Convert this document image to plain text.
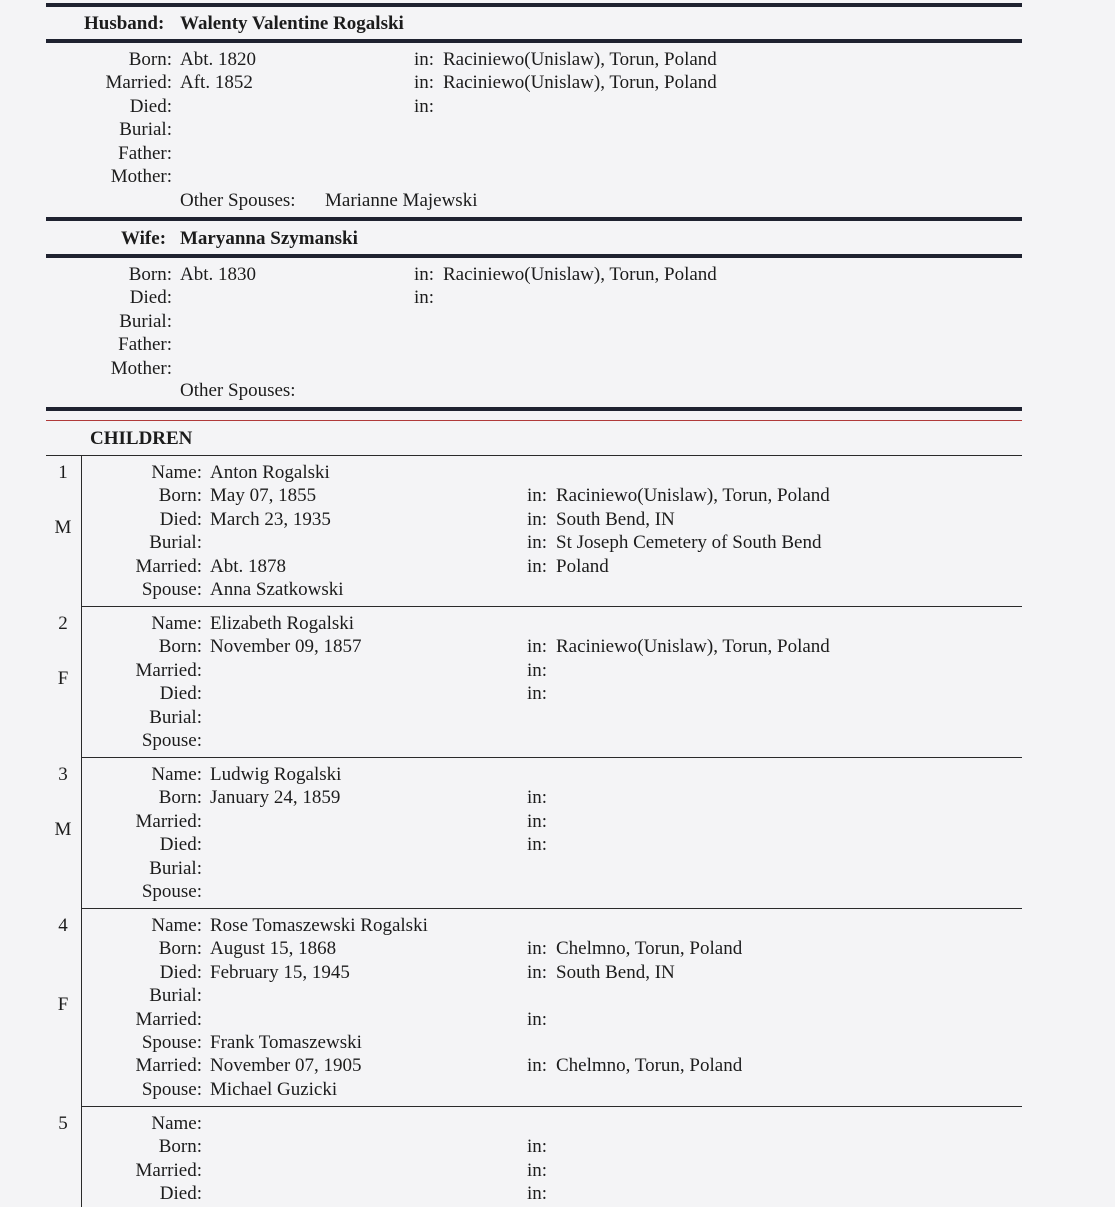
Husband: Walenty Valentine Rogalski
Born: Abt. 1820	in: Raciniewo(Unislaw), Torun, Poland
Married: Aft. 1852	in: Raciniewo(Unislaw), Torun, Poland
Died:	in:
Burial:
Father:
Mother:
Other Spouses: Marianne Majewski
Wife: Maryanna Szymanski
Born: Abt. 1830	in: Raciniewo(Unislaw), Torun, Poland
Died:	in:
Burial:
Father:
Mother:
Other Spouses:
CHILDREN
1
M
Name: Anton Rogalski
Born: May 07, 1855	in: Raciniewo(Unislaw), Torun, Poland
Died: March 23, 1935	in: South Bend, IN
Burial:	in: St Joseph Cemetery of South Bend
Married: Abt. 1878	in: Poland
Spouse: Anna Szatkowski
2
F
Name: Elizabeth Rogalski
Born: November 09, 1857	in: Raciniewo(Unislaw), Torun, Poland
Married:	in:
Died:	in:
Burial:
Spouse:
3
M
Name: Ludwig Rogalski
Born: January 24, 1859	in:
Married:	in:
Died:	in:
Burial:
Spouse:
4
F
Name: Rose Tomaszewski Rogalski
Born: August 15, 1868	in: Chelmno, Torun, Poland
Died: February 15, 1945	in: South Bend, IN
Burial:
Married:	in:
Spouse: Frank Tomaszewski
Married: November 07, 1905	in: Chelmno, Torun, Poland
Spouse: Michael Guzicki
5	Name:
Born:	in:
Married:	in:
Died:	in:
